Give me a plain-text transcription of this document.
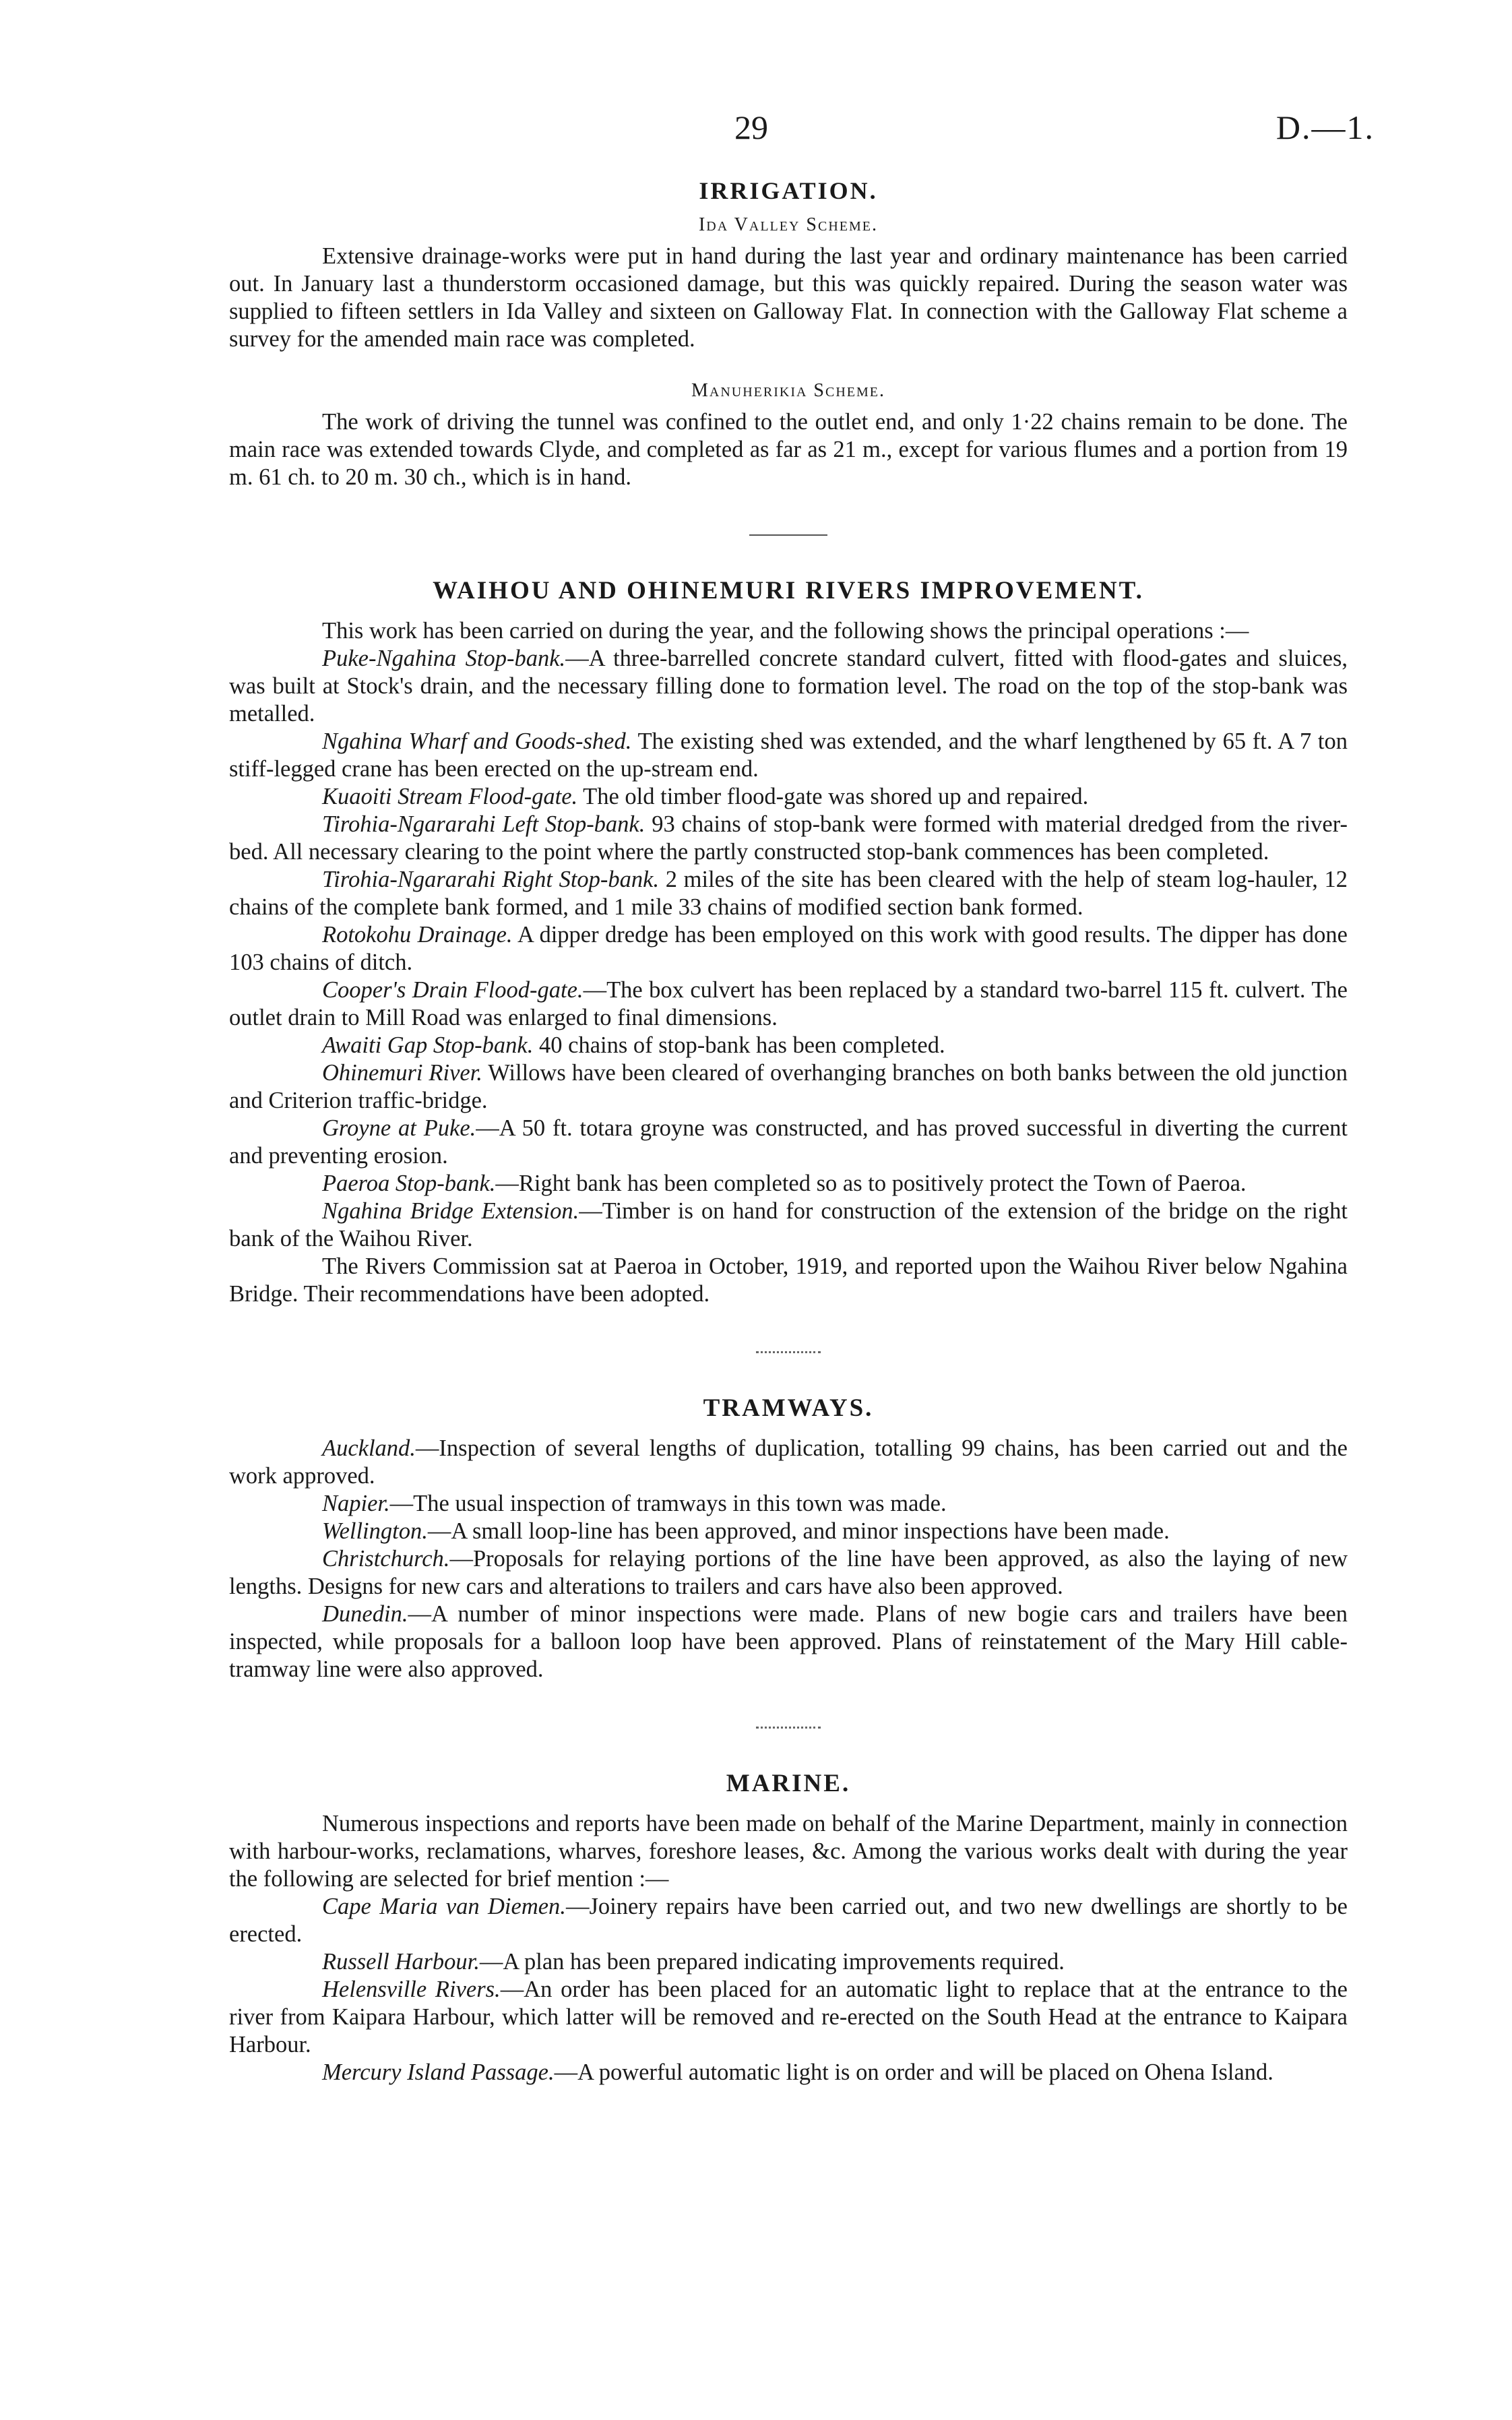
29	D.—1.
IRRIGATION.
Ida Valley Scheme.

Extensive drainage-works were put in hand during the last year and ordinary maintenance has been carried out. In January last a thunderstorm occasioned damage, but this was quickly repaired. During the season water was supplied to fifteen settlers in Ida Valley and sixteen on Galloway Flat. In connection with the Galloway Flat scheme a survey for the amended main race was completed.

Manuherikia Scheme.

The work of driving the tunnel was confined to the outlet end, and only 1·22 chains remain to be done. The main race was extended towards Clyde, and completed as far as 21 m., except for various flumes and a portion from 19 m. 61 ch. to 20 m. 30 ch., which is in hand.

WAIHOU AND OHINEMURI RIVERS IMPROVEMENT.

This work has been carried on during the year, and the following shows the principal operations :—

Puke-Ngahina Stop-bank.—A three-barrelled concrete standard culvert, fitted with flood-gates and sluices, was built at Stock's drain, and the necessary filling done to formation level. The road on the top of the stop-bank was metalled.

Ngahina Wharf and Goods-shed. The existing shed was extended, and the wharf lengthened by 65 ft. A 7 ton stiff-legged crane has been erected on the up-stream end.

Kuaoiti Stream Flood-gate. The old timber flood-gate was shored up and repaired.

Tirohia-Ngararahi Left Stop-bank. 93 chains of stop-bank were formed with material dredged from the river-bed. All necessary clearing to the point where the partly constructed stop-bank commences has been completed.

Tirohia-Ngararahi Right Stop-bank. 2 miles of the site has been cleared with the help of steam log-hauler, 12 chains of the complete bank formed, and 1 mile 33 chains of modified section bank formed.

Rotokohu Drainage. A dipper dredge has been employed on this work with good results. The dipper has done 103 chains of ditch.

Cooper's Drain Flood-gate.—The box culvert has been replaced by a standard two-barrel 115 ft. culvert. The outlet drain to Mill Road was enlarged to final dimensions.

Awaiti Gap Stop-bank. 40 chains of stop-bank has been completed.

Ohinemuri River. Willows have been cleared of overhanging branches on both banks between the old junction and Criterion traffic-bridge.

Groyne at Puke.—A 50 ft. totara groyne was constructed, and has proved successful in diverting the current and preventing erosion.

Paeroa Stop-bank.—Right bank has been completed so as to positively protect the Town of Paeroa.

Ngahina Bridge Extension.—Timber is on hand for construction of the extension of the bridge on the right bank of the Waihou River.

The Rivers Commission sat at Paeroa in October, 1919, and reported upon the Waihou River below Ngahina Bridge. Their recommendations have been adopted.

TRAMWAYS.

Auckland.—Inspection of several lengths of duplication, totalling 99 chains, has been carried out and the work approved.

Napier.—The usual inspection of tramways in this town was made.

Wellington.—A small loop-line has been approved, and minor inspections have been made.

Christchurch.—Proposals for relaying portions of the line have been approved, as also the laying of new lengths. Designs for new cars and alterations to trailers and cars have also been approved.

Dunedin.—A number of minor inspections were made. Plans of new bogie cars and trailers have been inspected, while proposals for a balloon loop have been approved. Plans of reinstatement of the Mary Hill cable-tramway line were also approved.

MARINE.

Numerous inspections and reports have been made on behalf of the Marine Department, mainly in connection with harbour-works, reclamations, wharves, foreshore leases, &c. Among the various works dealt with during the year the following are selected for brief mention :—

Cape Maria van Diemen.—Joinery repairs have been carried out, and two new dwellings are shortly to be erected.

Russell Harbour.—A plan has been prepared indicating improvements required.

Helensville Rivers.—An order has been placed for an automatic light to replace that at the entrance to the river from Kaipara Harbour, which latter will be removed and re-erected on the South Head at the entrance to Kaipara Harbour.

Mercury Island Passage.—A powerful automatic light is on order and will be placed on Ohena Island.
